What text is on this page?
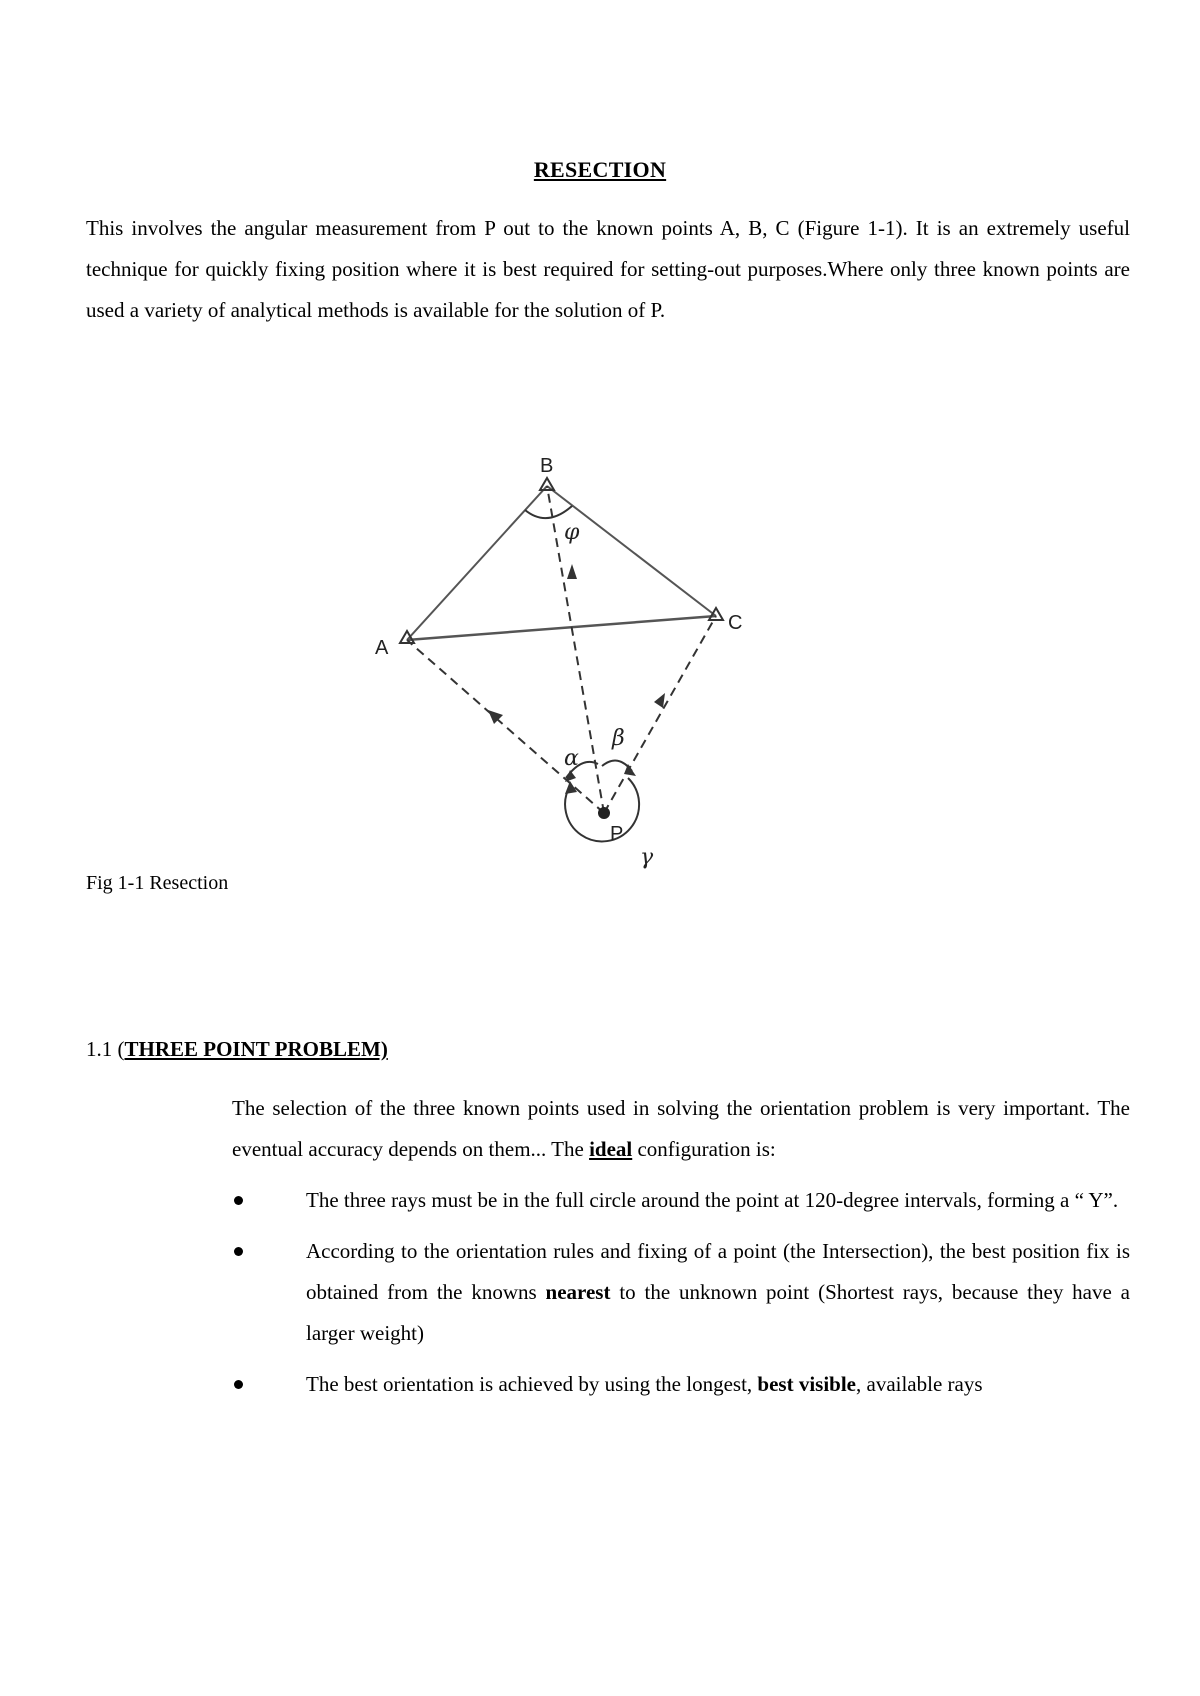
RESECTION

This involves the angular measurement from P out to the known points A, B, C (Figure 1-1). It is an extremely useful technique for quickly fixing position where it is best required for setting-out purposes.Where only three known points are used a variety of analytical methods is available for the solution of P.

B
A
C
P
φ
α
β
γ
Fig 1-1 Resection
1.1 (THREE POINT PROBLEM)

The selection of the three known points used in solving the orientation problem is very important. The eventual accuracy depends on them... The ideal configuration is:

The three rays must be in the full circle around the point at 120-degree intervals, forming a “ Y”.
According to the orientation rules and fixing of a point (the Intersection), the best position fix is obtained from the knowns nearest to the unknown point (Shortest rays, because they have a larger weight)
The best orientation is achieved by using the longest, best visible, available rays
